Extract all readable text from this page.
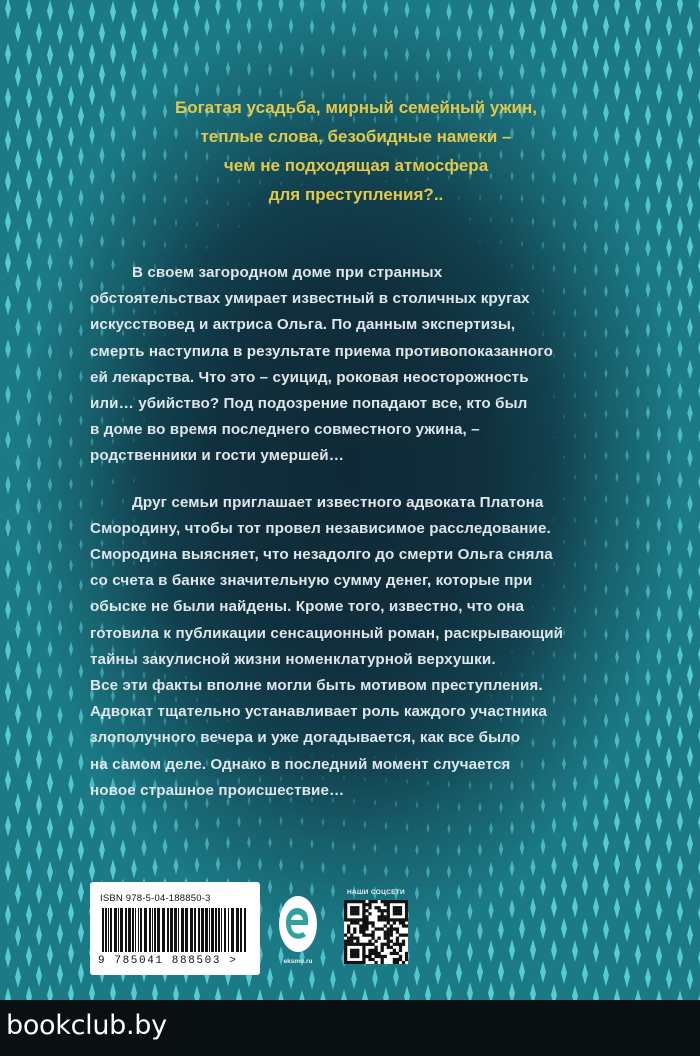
Богатая усадьба, мирный семейный ужин,
теплые слова, безобидные намеки –
чем не подходящая атмосфера
для преступления?..
В своем загородном доме при странных
обстоятельствах умирает известный в столичных кругах
искусствовед и актриса Ольга. По данным экспертизы,
смерть наступила в результате приема противопоказанного
ей лекарства. Что это – суицид, роковая неосторожность
или… убийство? Под подозрение попадают все, кто был
в доме во время последнего совместного ужина, –
родственники и гости умершей…
Друг семьи приглашает известного адвоката Платона
Смородину, чтобы тот провел независимое расследование.
Смородина выясняет, что незадолго до смерти Ольга сняла
со счета в банке значительную сумму денег, которые при
обыске не были найдены. Кроме того, известно, что она
готовила к публикации сенсационный роман, раскрывающий
тайны закулисной жизни номенклатурной верхушки.
Все эти факты вполне могли быть мотивом преступления.
Адвокат тщательно устанавливает роль каждого участника
злополучного вечера и уже догадывается, как все было
на самом деле. Однако в последний момент случается
новое страшное происшествие…
ISBN 978-5-04-188850-3
9 785041 888503 >	eksmo.ru
НАШИ СОЦСЕТИ
bookclub.by
